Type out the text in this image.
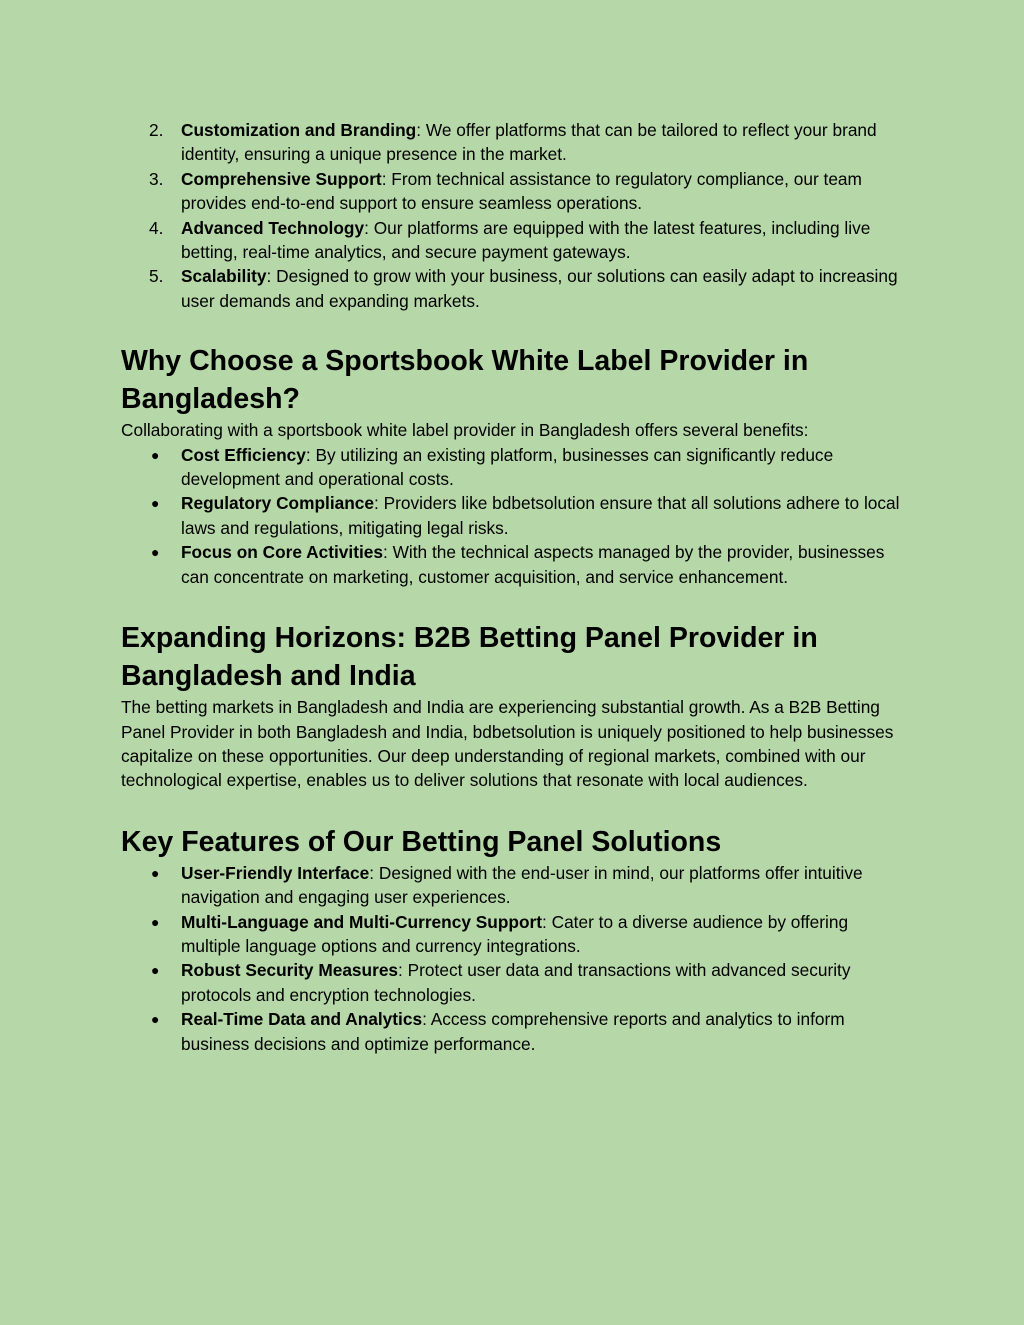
2.	Customization and Branding: We offer platforms that can be tailored to reflect your brand identity, ensuring a unique presence in the market.
3.	Comprehensive Support: From technical assistance to regulatory compliance, our team provides end-to-end support to ensure seamless operations.
4.	Advanced Technology: Our platforms are equipped with the latest features, including live betting, real-time analytics, and secure payment gateways.
5.	Scalability: Designed to grow with your business, our solutions can easily adapt to increasing user demands and expanding markets.
Why Choose a Sportsbook White Label Provider in Bangladesh?

Collaborating with a sportsbook white label provider in Bangladesh offers several benefits:

●	Cost Efficiency: By utilizing an existing platform, businesses can significantly reduce development and operational costs.
●	Regulatory Compliance: Providers like bdbetsolution ensure that all solutions adhere to local laws and regulations, mitigating legal risks.
●	Focus on Core Activities: With the technical aspects managed by the provider, businesses can concentrate on marketing, customer acquisition, and service enhancement.
Expanding Horizons: B2B Betting Panel Provider in Bangladesh and India

The betting markets in Bangladesh and India are experiencing substantial growth. As a B2B Betting Panel Provider in both Bangladesh and India, bdbetsolution is uniquely positioned to help businesses capitalize on these opportunities. Our deep understanding of regional markets, combined with our technological expertise, enables us to deliver solutions that resonate with local audiences.

Key Features of Our Betting Panel Solutions
●	User-Friendly Interface: Designed with the end-user in mind, our platforms offer intuitive navigation and engaging user experiences.
●	Multi-Language and Multi-Currency Support: Cater to a diverse audience by offering multiple language options and currency integrations.
●	Robust Security Measures: Protect user data and transactions with advanced security protocols and encryption technologies.
●	Real-Time Data and Analytics: Access comprehensive reports and analytics to inform business decisions and optimize performance.
